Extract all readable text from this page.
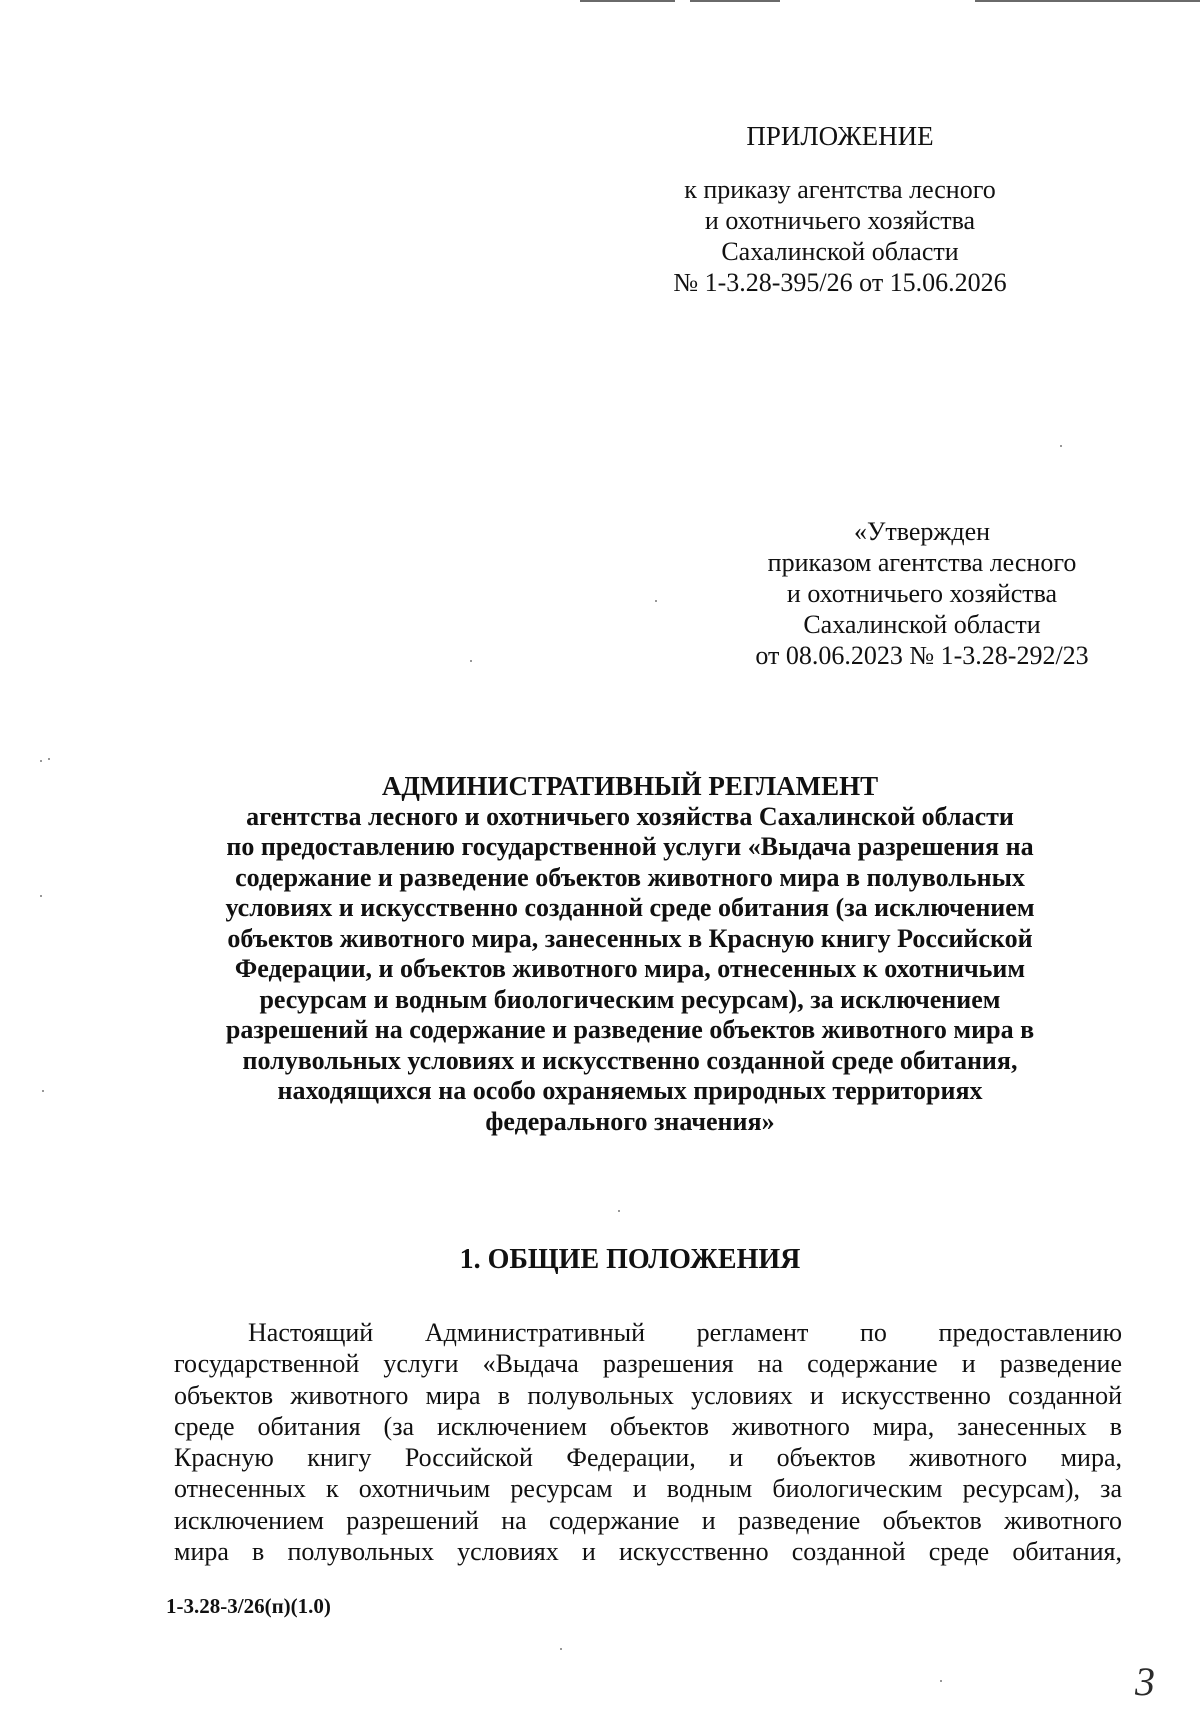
ПРИЛОЖЕНИЕ
к приказу агентства лесного
и охотничьего хозяйства
Сахалинской области
№ 1-3.28-395/26 от 15.06.2026
«Утвержден
приказом агентства лесного
и охотничьего хозяйства
Сахалинской области
от 08.06.2023 № 1-3.28-292/23
АДМИНИСТРАТИВНЫЙ РЕГЛАМЕНТ
агентства лесного и охотничьего хозяйства Сахалинской области
по предоставлению государственной услуги «Выдача разрешения на
содержание и разведение объектов животного мира в полувольных
условиях и искусственно созданной среде обитания (за исключением
объектов животного мира, занесенных в Красную книгу Российской
Федерации, и объектов животного мира, отнесенных к охотничьим
ресурсам и водным биологическим ресурсам), за исключением
разрешений на содержание и разведение объектов животного мира в
полувольных условиях и искусственно созданной среде обитания,
находящихся на особо охраняемых природных территориях
федерального значения»
1. ОБЩИЕ ПОЛОЖЕНИЯ
Настоящий Административный регламент по предоставлению
государственной услуги «Выдача разрешения на содержание и разведение
объектов животного мира в полувольных условиях и искусственно созданной
среде обитания (за исключением объектов животного мира, занесенных в
Красную книгу Российской Федерации, и объектов животного мира,
отнесенных к охотничьим ресурсам и водным биологическим ресурсам), за
исключением разрешений на содержание и разведение объектов животного
мира в полувольных условиях и искусственно созданной среде обитания,
1-3.28-3/26(п)(1.0)
3
